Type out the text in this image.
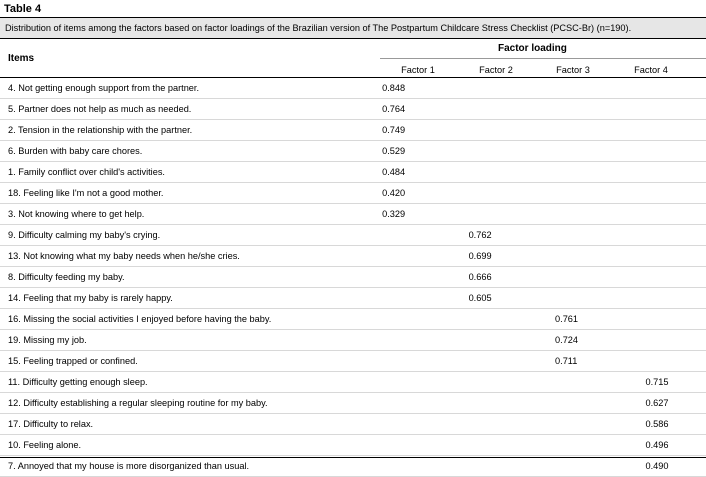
Table 4
Distribution of items among the factors based on factor loadings of the Brazilian version of The Postpartum Childcare Stress Checklist (PCSC-Br) (n=190).
Items
Factor loading
Factor 1	Factor 2	Factor 3	Factor 4
4. Not getting enough support from the partner.	0.848			
5. Partner does not help as much as needed.	0.764			
2. Tension in the relationship with the partner.	0.749			
6. Burden with baby care chores.	0.529			
1. Family conflict over child's activities.	0.484			
18. Feeling like I'm not a good mother.	0.420			
3. Not knowing where to get help.	0.329			
9. Difficulty calming my baby's crying.		0.762		
13. Not knowing what my baby needs when he/she cries.		0.699		
8. Difficulty feeding my baby.		0.666		
14. Feeling that my baby is rarely happy.		0.605		
16. Missing the social activities I enjoyed before having the baby.			0.761	
19. Missing my job.			0.724	
15. Feeling trapped or confined.			0.711	
11. Difficulty getting enough sleep.				0.715
12. Difficulty establishing a regular sleeping routine for my baby.				0.627
17. Difficulty to relax.				0.586
10. Feeling alone.				0.496
7. Annoyed that my house is more disorganized than usual.				0.490
